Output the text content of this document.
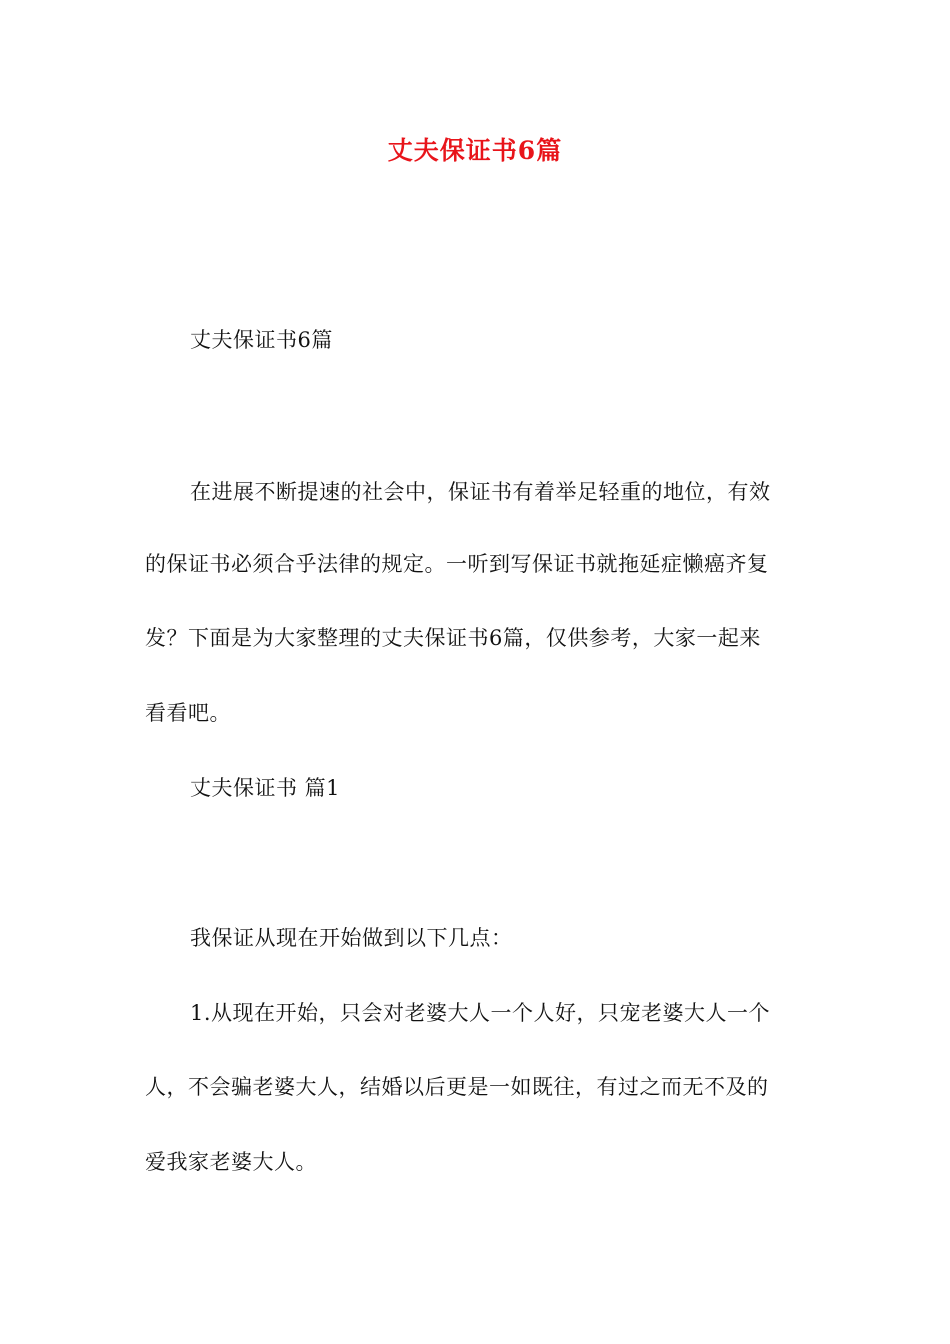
丈夫保证书6篇
丈夫保证书6篇
在进展不断提速的社会中，保证书有着举足轻重的地位，有效
的保证书必须合乎法律的规定。一听到写保证书就拖延症懒癌齐复
发？下面是为大家整理的丈夫保证书6篇，仅供参考，大家一起来
看看吧。
丈夫保证书 篇1
我保证从现在开始做到以下几点：
1.从现在开始，只会对老婆大人一个人好，只宠老婆大人一个
人，不会骗老婆大人，结婚以后更是一如既往，有过之而无不及的
爱我家老婆大人。
